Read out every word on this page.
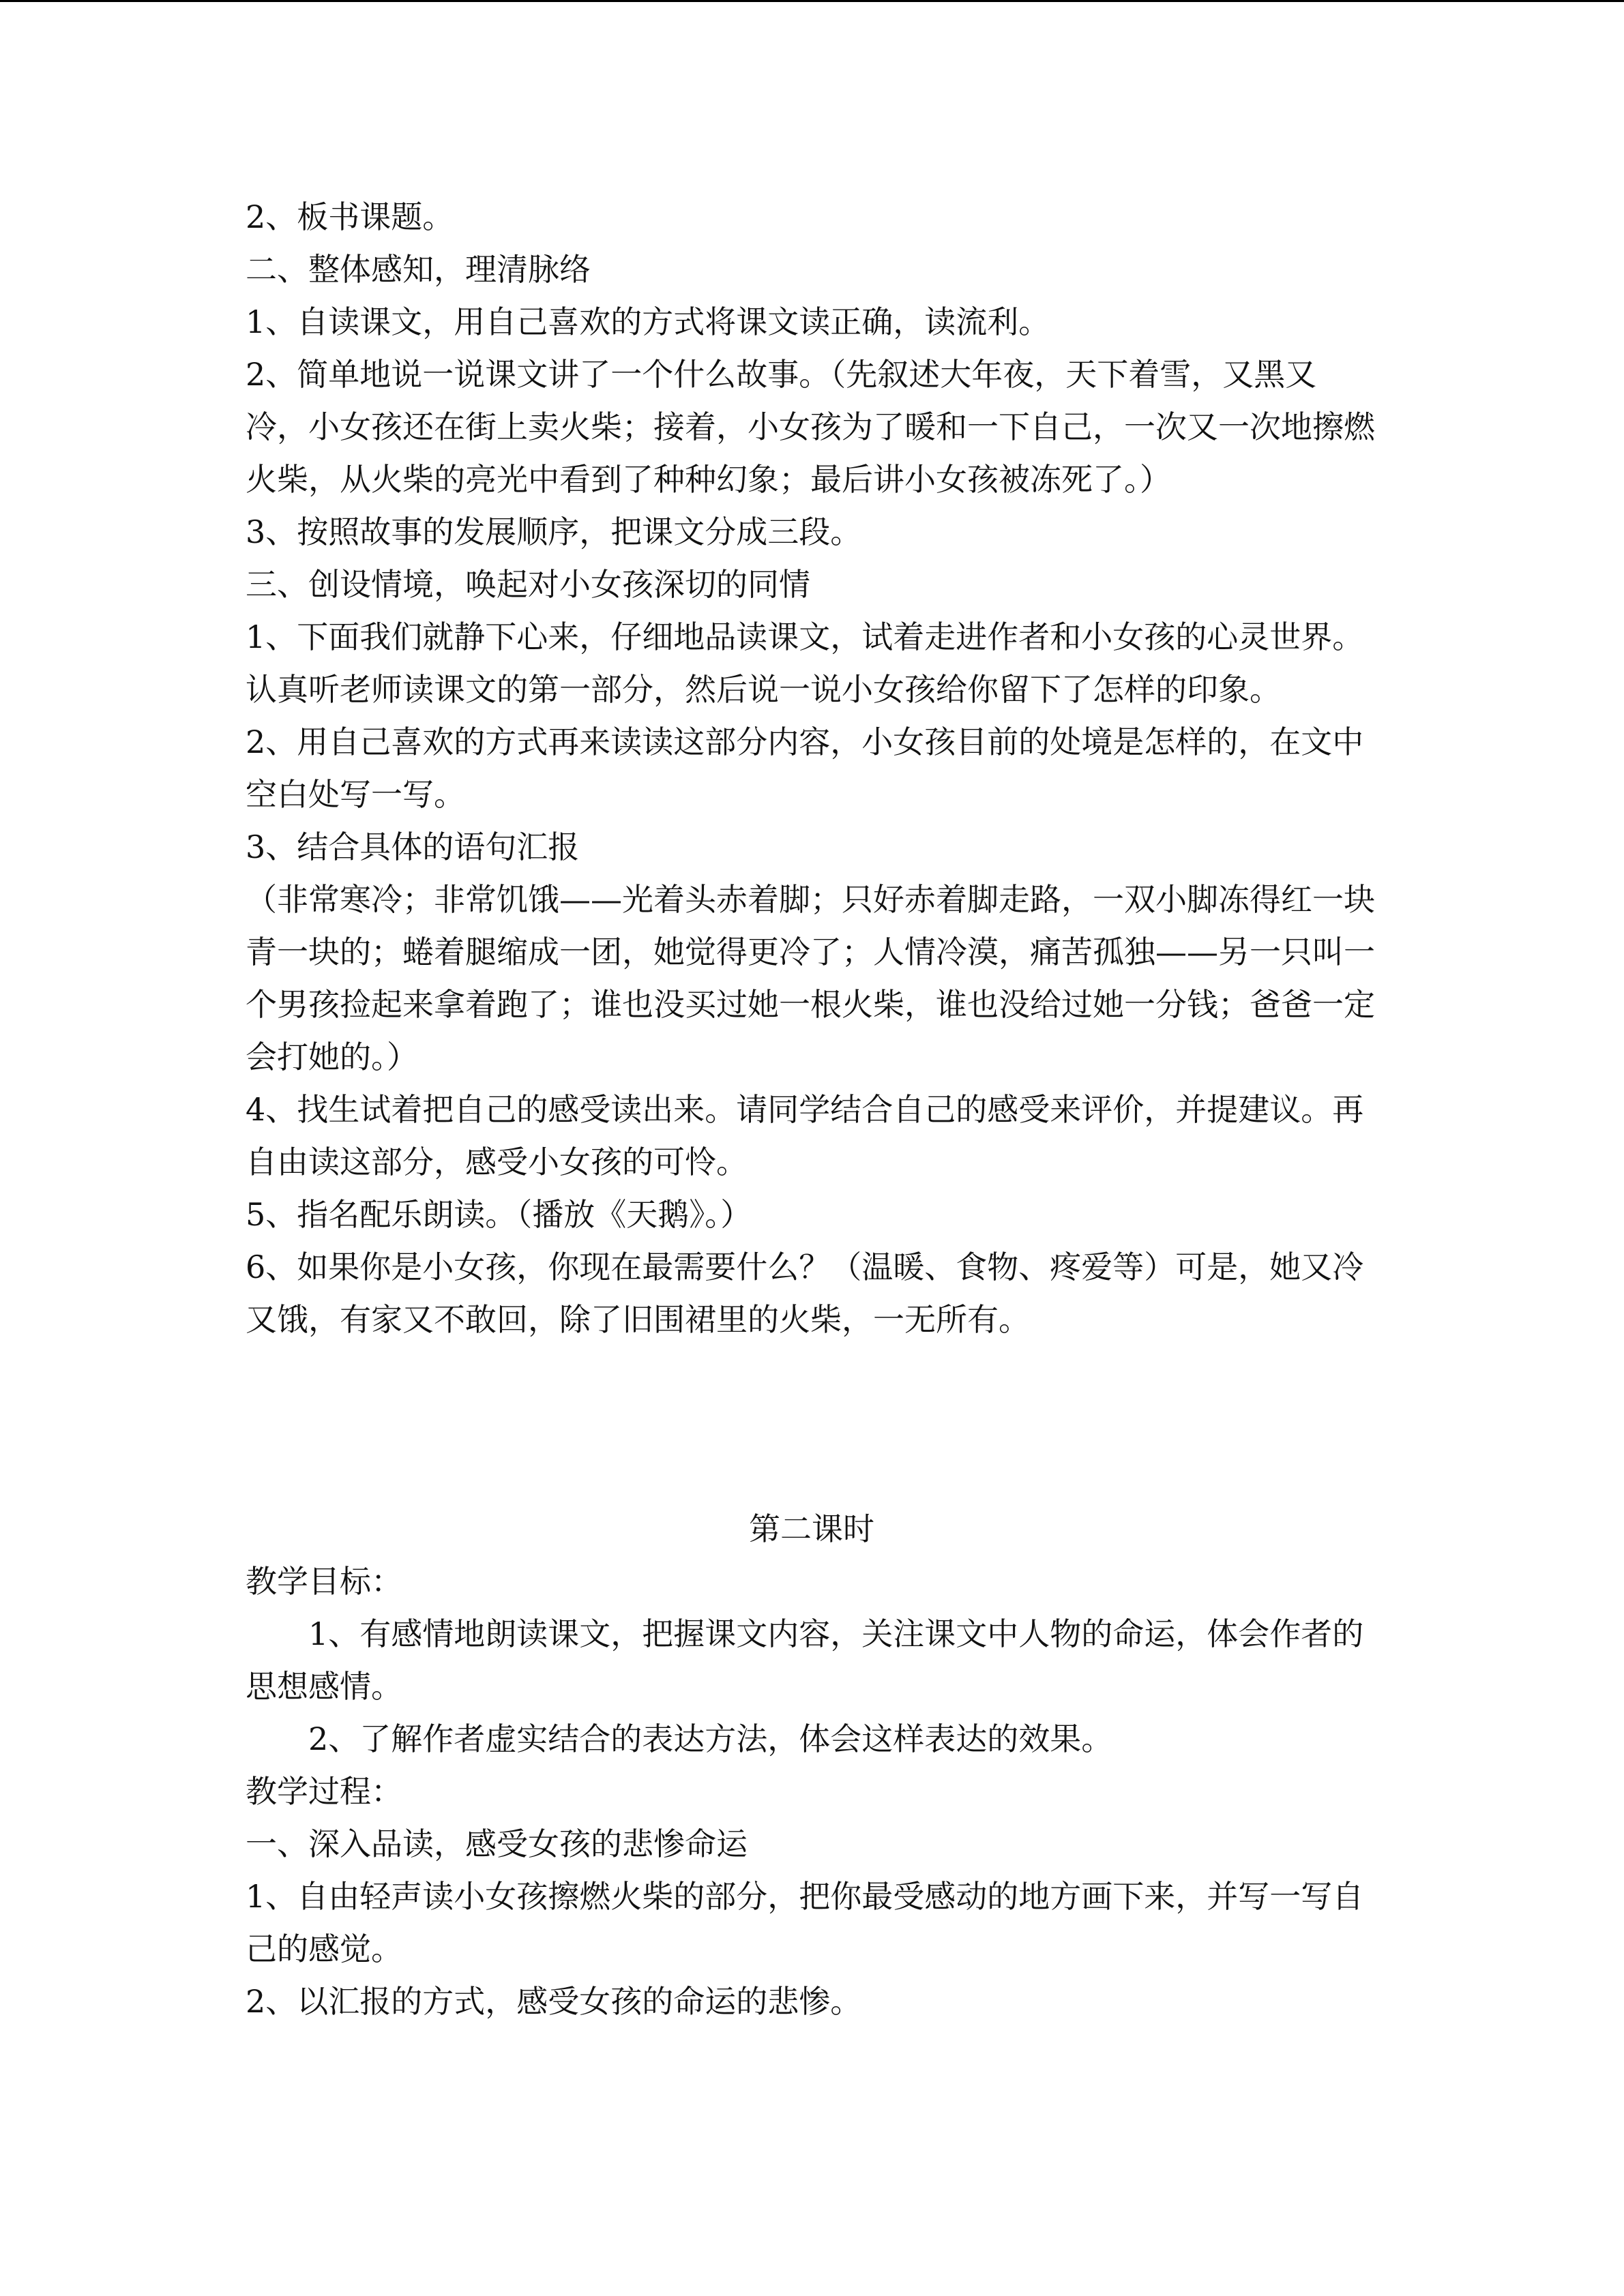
2、板书课题。

二、整体感知，理清脉络

1、自读课文，用自己喜欢的方式将课文读正确，读流利。

2、简单地说一说课文讲了一个什么故事。（先叙述大年夜，天下着雪，又黑又冷，小女孩还在街上卖火柴；接着，小女孩为了暖和一下自己，一次又一次地擦燃火柴，从火柴的亮光中看到了种种幻象；最后讲小女孩被冻死了。）

3、按照故事的发展顺序，把课文分成三段。

三、创设情境，唤起对小女孩深切的同情

1、下面我们就静下心来，仔细地品读课文，试着走进作者和小女孩的心灵世界。认真听老师读课文的第一部分，然后说一说小女孩给你留下了怎样的印象。

2、用自己喜欢的方式再来读读这部分内容，小女孩目前的处境是怎样的，在文中空白处写一写。

3、结合具体的语句汇报

（非常寒冷；非常饥饿——光着头赤着脚；只好赤着脚走路，一双小脚冻得红一块青一块的；蜷着腿缩成一团，她觉得更冷了；人情冷漠，痛苦孤独——另一只叫一个男孩捡起来拿着跑了；谁也没买过她一根火柴，谁也没给过她一分钱；爸爸一定会打她的。）

4、找生试着把自己的感受读出来。请同学结合自己的感受来评价，并提建议。再自由读这部分，感受小女孩的可怜。

5、指名配乐朗读。（播放《天鹅》。）

6、如果你是小女孩，你现在最需要什么？（温暖、食物、疼爱等）可是，她又冷又饿，有家又不敢回，除了旧围裙里的火柴，一无所有。

第二课时

教学目标：

1、有感情地朗读课文，把握课文内容，关注课文中人物的命运，体会作者的思想感情。

2、了解作者虚实结合的表达方法，体会这样表达的效果。

教学过程：

一、深入品读，感受女孩的悲惨命运

1、自由轻声读小女孩擦燃火柴的部分，把你最受感动的地方画下来，并写一写自己的感觉。

2、以汇报的方式，感受女孩的命运的悲惨。
